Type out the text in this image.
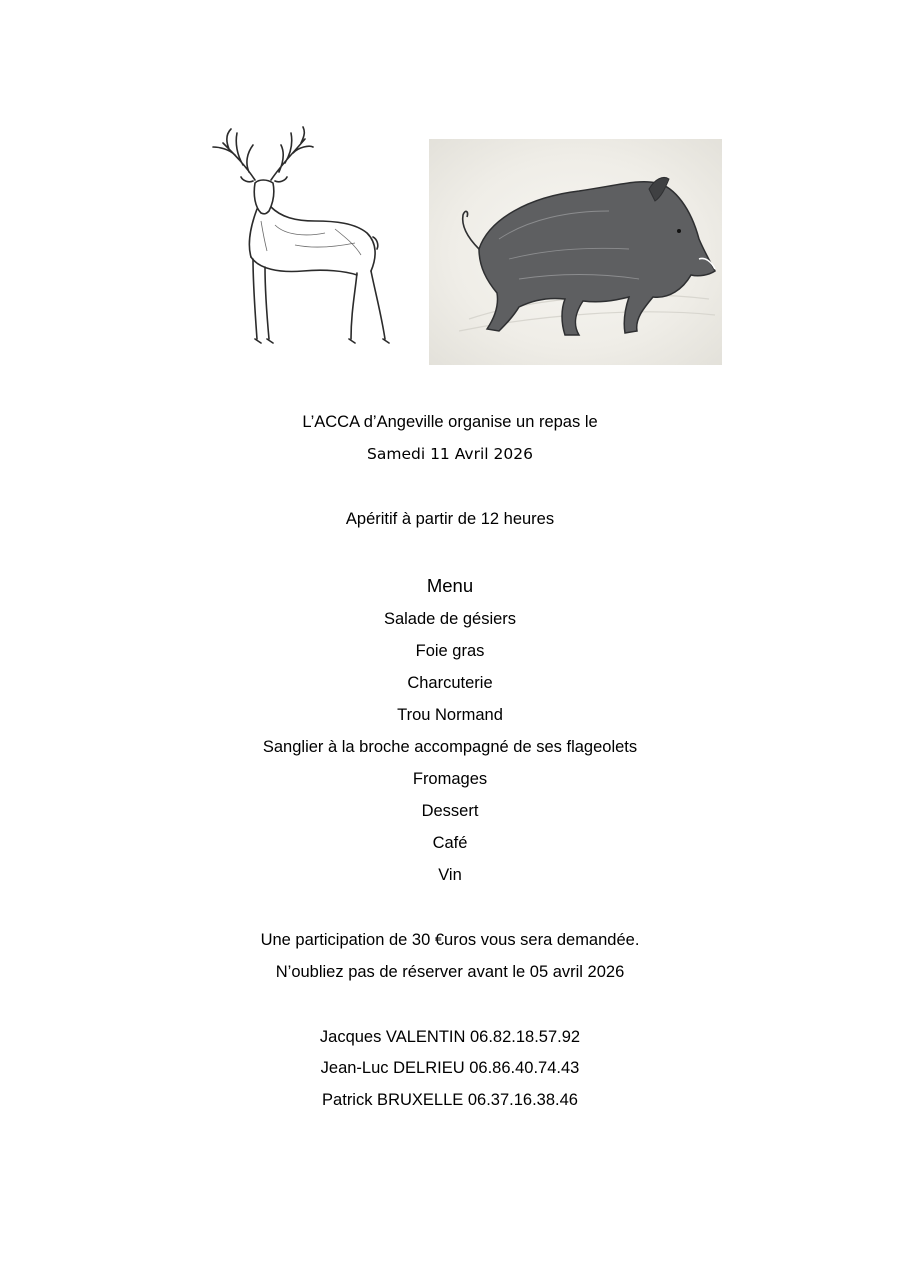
L’ACCA d’Angeville organise un repas le
Samedi 11 Avril 2026
Apéritif à partir de 12 heures
Menu
Salade de gésiers
Foie gras
Charcuterie
Trou Normand
Sanglier à la broche accompagné de ses flageolets
Fromages
Dessert
Café
Vin
Une participation de 30 €uros vous sera demandée.
N’oubliez pas de réserver avant le 05 avril 2026
Jacques VALENTIN 06.82.18.57.92
Jean-Luc DELRIEU 06.86.40.74.43
Patrick BRUXELLE 06.37.16.38.46
